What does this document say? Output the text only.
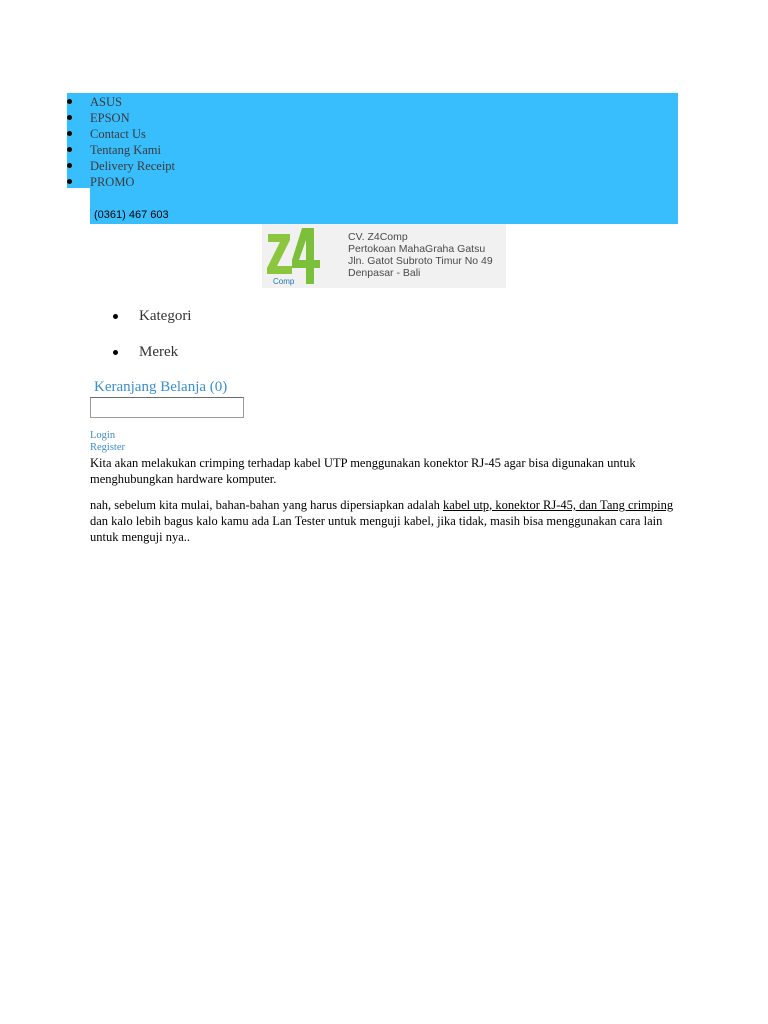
ASUS
EPSON
Contact Us
Tentang Kami
Delivery Receipt
PROMO
(0361) 467 603
Comp
CV. Z4Comp
Pertokoan MahaGraha Gatsu
Jln. Gatot Subroto Timur No 49
Denpasar - Bali
Kategori
Merek
Keranjang Belanja (0)
Login
Register

Kita akan melakukan crimping terhadap kabel UTP menggunakan konektor RJ-45 agar bisa digunakan untuk menghubungkan hardware komputer.

nah, sebelum kita mulai, bahan-bahan yang harus dipersiapkan adalah kabel utp, konektor RJ-45, dan Tang crimping dan kalo lebih bagus kalo kamu ada Lan Tester untuk menguji kabel, jika tidak, masih bisa menggunakan cara lain untuk menguji nya..
